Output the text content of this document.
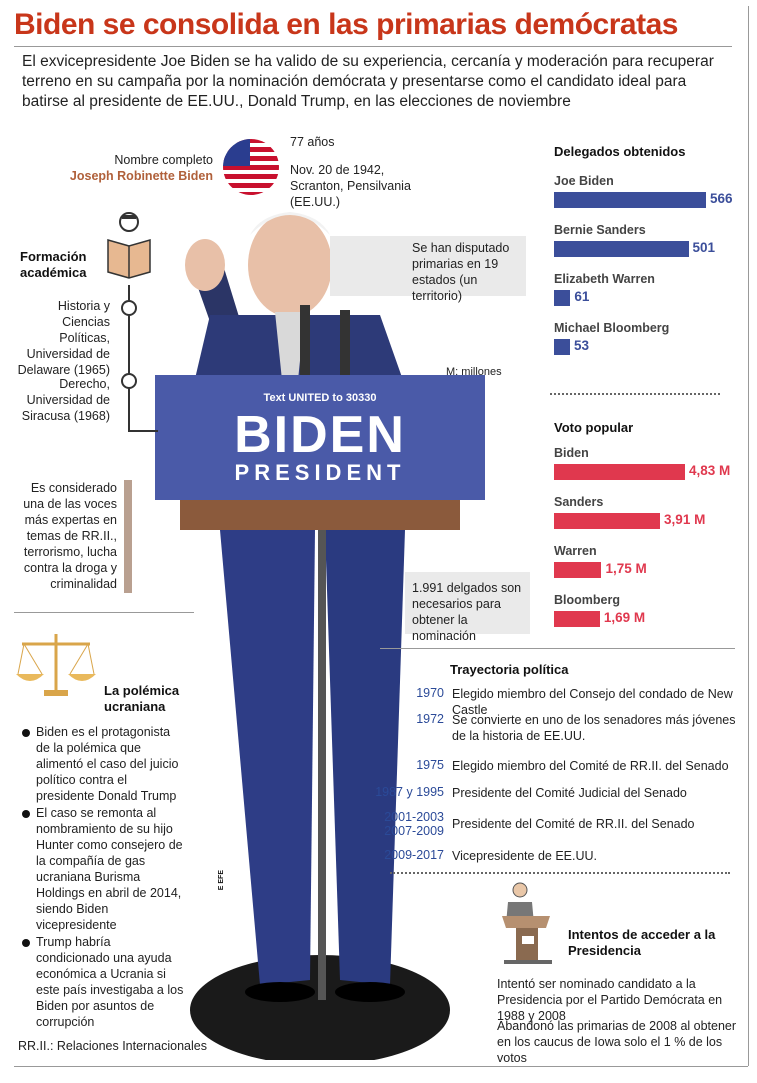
Biden se consolida en las primarias demócratas
El exvicepresidente Joe Biden se ha valido de su experiencia, cercanía y moderación para recuperar terreno en su campaña por la nominación demócrata y presentarse como el candidato ideal para batirse al presidente de EE.UU., Donald Trump, en las elecciones de noviembre
Text UNITED to 30330
BIDEN
PRESIDENT
E EFE
Nombre completo
Joseph Robinette Biden
77 años
Nov. 20 de 1942, Scranton, Pensilvania (EE.UU.)
Formación académica
Historia y Ciencias Políticas, Universidad de Delaware (1965)
Derecho, Universidad de Siracusa (1968)
Es considerado una de las voces más expertas en temas de RR.II., terrorismo, lucha contra la droga y criminalidad
Se han disputado primarias en 19 estados (un territorio)
M: millones
1.991 delgados son necesarios para obtener la nominación
Delegados obtenidos
Voto popular
La polémica ucraniana
Biden es el protagonista de la polémica que alimentó el caso del juicio político contra el presidente Donald Trump
El caso se remonta al nombramiento de su hijo Hunter como consejero de la compañía de gas ucraniana Burisma Holdings en abril de 2014, siendo Biden vicepresidente
Trump habría condicionado una ayuda económica a Ucrania si este país investigaba a los Biden por asuntos de corrupción
RR.II.: Relaciones Internacionales
Trayectoria política
Intentos de acceder a la Presidencia
Intentó ser nominado candidato a la Presidencia por el Partido Demócrata en 1988 y 2008
Abandonó las primarias de 2008 al obtener en los caucus de Iowa solo el 1 % de los votos
Joe Biden
566
Bernie Sanders
501
Elizabeth Warren
61
Michael Bloomberg
53
Biden
4,83 M
Sanders
3,91 M
Warren
1,75 M
Bloomberg
1,69 M
1970 Elegido miembro del Consejo del condado de New Castle
1972 Se convierte en uno de los senadores más jóvenes de la historia de EE.UU.
1975 Elegido miembro del Comité de RR.II. del Senado
1987 y 1995 Presidente del Comité Judicial del Senado
2001-2003
2007-2009 Presidente del Comité de RR.II. del Senado
2009-2017 Vicepresidente de EE.UU.
